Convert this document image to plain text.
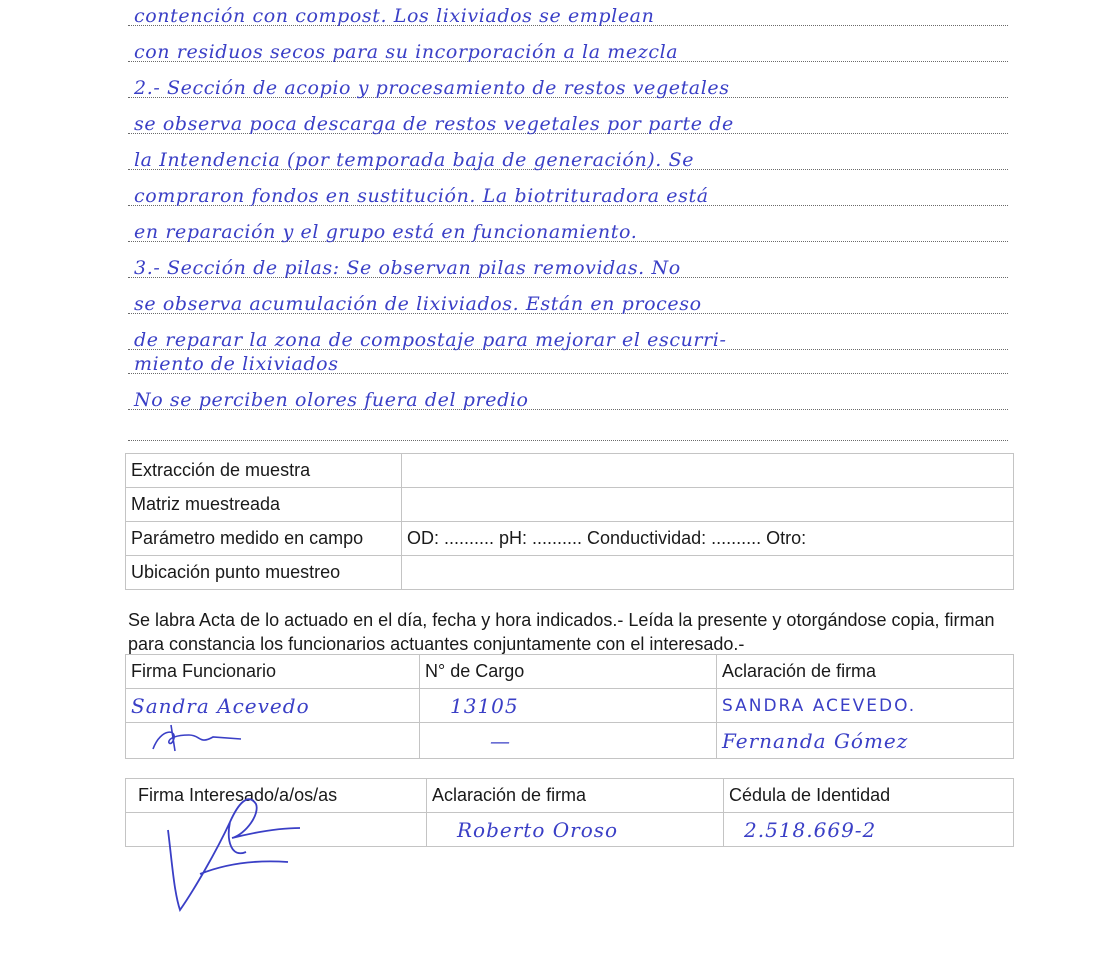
contención con compost. Los lixiviados se emplean
con residuos secos para su incorporación a la mezcla
2.- Sección de acopio y procesamiento de restos vegetales
se observa poca descarga de restos vegetales por parte de
la Intendencia (por temporada baja de generación). Se
compraron fondos en sustitución. La biotrituradora está
en reparación y el grupo está en funcionamiento.
3.- Sección de pilas: Se observan pilas removidas. No
se observa acumulación de lixiviados. Están en proceso
de reparar la zona de compostaje para mejorar el escurri-
miento de lixiviados
No se perciben olores fuera del predio
Extracción de muestra	
Matriz muestreada	
Parámetro medido en campo	OD: .......... pH: .......... Conductividad: .......... Otro:
Ubicación punto muestreo	
Se labra Acta de lo actuado en el día, fecha y hora indicados.- Leída la presente y otorgándose copia, firman para constancia los funcionarios actuantes conjuntamente con el interesado.-
Firma Funcionario	N° de Cargo	Aclaración de firma
Sandra Acevedo	13105	SANDRA ACEVEDO.
	—	Fernanda Gómez
Firma Interesado/a/os/as	Aclaración de firma	Cédula de Identidad
	Roberto Oroso	2.518.669-2
